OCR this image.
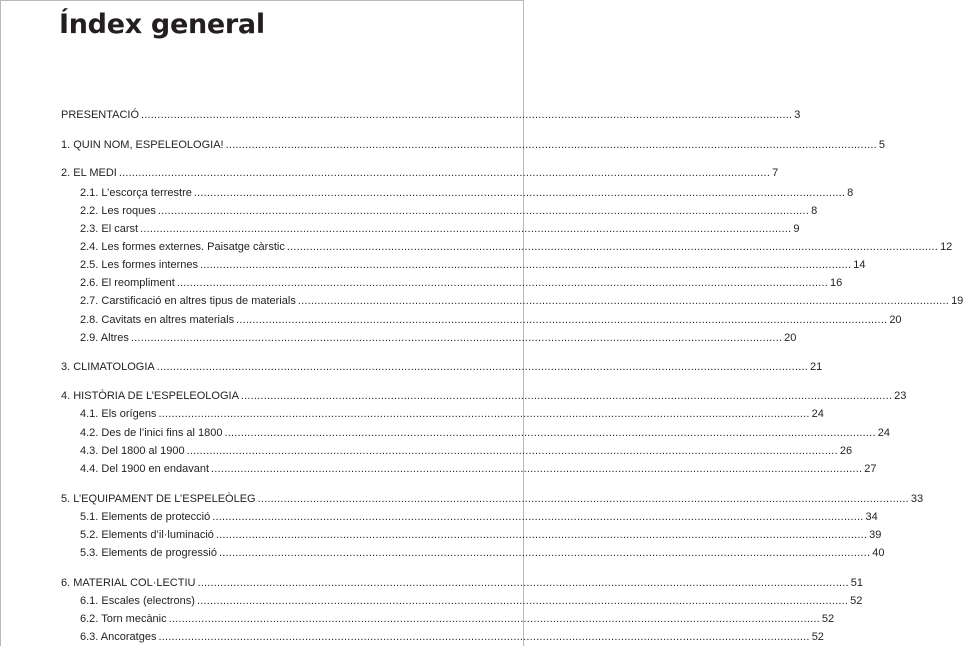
Índex general
PRESENTACIÓ ........................................................................................................................................................................................................ 3
1. QUIN NOM, ESPELEOLOGIA! ........................................................................................................................................................................................................ 5
2. EL MEDI ........................................................................................................................................................................................................ 7
2.1. L’escorça terrestre ........................................................................................................................................................................................................ 8
2.2. Les roques ........................................................................................................................................................................................................ 8
2.3. El carst ........................................................................................................................................................................................................ 9
2.4. Les formes externes. Paisatge càrstic ........................................................................................................................................................................................................ 12
2.5. Les formes internes ........................................................................................................................................................................................................ 14
2.6. El reompliment ........................................................................................................................................................................................................ 16
2.7. Carstificació en altres tipus de materials ........................................................................................................................................................................................................ 19
2.8. Cavitats en altres materials ........................................................................................................................................................................................................ 20
2.9. Altres ........................................................................................................................................................................................................ 20
3. CLIMATOLOGIA ........................................................................................................................................................................................................ 21
4. HISTÒRIA DE L’ESPELEOLOGIA ........................................................................................................................................................................................................ 23
4.1. Els orígens ........................................................................................................................................................................................................ 24
4.2. Des de l’inici fins al 1800 ........................................................................................................................................................................................................ 24
4.3. Del 1800 al 1900 ........................................................................................................................................................................................................ 26
4.4. Del 1900 en endavant ........................................................................................................................................................................................................ 27
5. L’EQUIPAMENT DE L’ESPELEÒLEG ........................................................................................................................................................................................................ 33
5.1. Elements de protecció ........................................................................................................................................................................................................ 34
5.2. Elements d’il·luminació ........................................................................................................................................................................................................ 39
5.3. Elements de progressió ........................................................................................................................................................................................................ 40
6. MATERIAL COL·LECTIU ........................................................................................................................................................................................................ 51
6.1. Escales (electrons) ........................................................................................................................................................................................................ 52
6.2. Torn mecànic ........................................................................................................................................................................................................ 52
6.3. Ancoratges ........................................................................................................................................................................................................ 52
